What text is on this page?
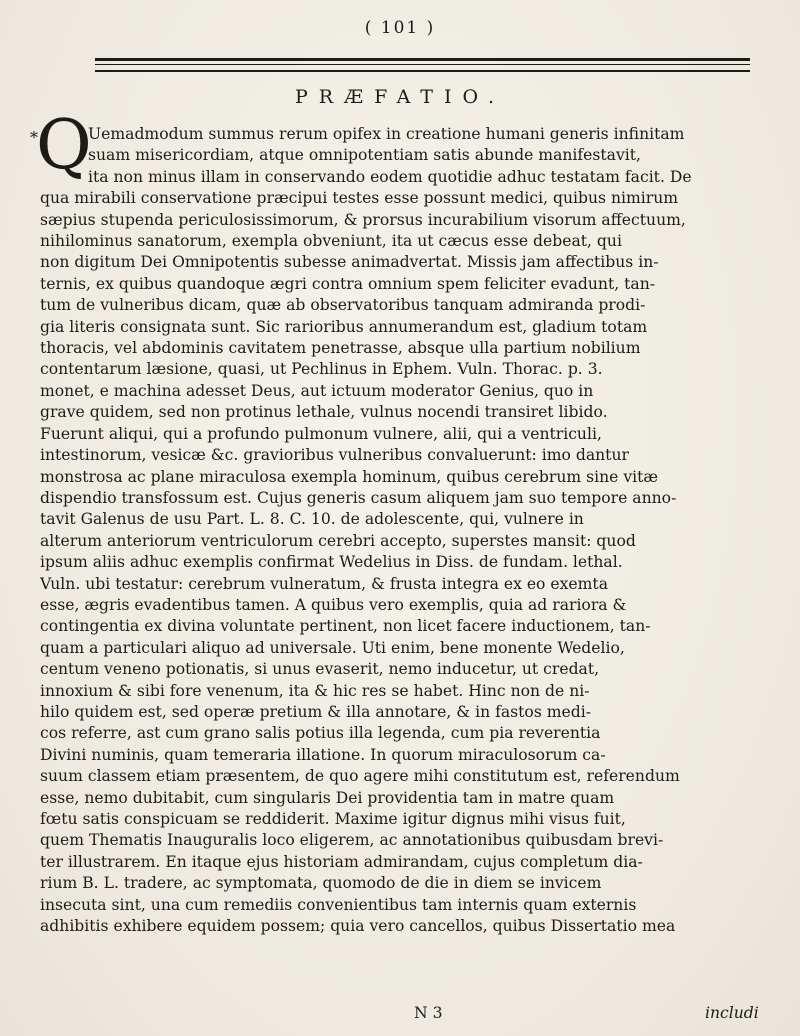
( 101 )
PRÆFATIO.
*
Q
Uemadmodum summus rerum opifex in creatione humani generis infinitam
suam misericordiam, atque omnipotentiam satis abunde manifestavit,
ita non minus illam in conservando eodem quotidie adhuc testatam facit. De
qua mirabili conservatione præcipui testes esse possunt medici, quibus nimirum
sæpius stupenda periculosissimorum, & prorsus incurabilium visorum affectuum,
nihilominus sanatorum, exempla obveniunt, ita ut cæcus esse debeat, qui
non digitum Dei Omnipotentis subesse animadvertat. Missis jam affectibus in-
ternis, ex quibus quandoque ægri contra omnium spem feliciter evadunt, tan-
tum de vulneribus dicam, quæ ab observatoribus tanquam admiranda prodi-
gia literis consignata sunt. Sic rarioribus annumerandum est, gladium totam
thoracis, vel abdominis cavitatem penetrasse, absque ulla partium nobilium
contentarum læsione, quasi, ut Pechlinus in Ephem. Vuln. Thorac. p. 3.
monet, e machina adesset Deus, aut ictuum moderator Genius, quo in
grave quidem, sed non protinus lethale, vulnus nocendi transiret libido.
Fuerunt aliqui, qui a profundo pulmonum vulnere, alii, qui a ventriculi,
intestinorum, vesicæ &c. gravioribus vulneribus convaluerunt: imo dantur
monstrosa ac plane miraculosa exempla hominum, quibus cerebrum sine vitæ
dispendio transfossum est. Cujus generis casum aliquem jam suo tempore anno-
tavit Galenus de usu Part. L. 8. C. 10. de adolescente, qui, vulnere in
alterum anteriorum ventriculorum cerebri accepto, superstes mansit: quod
ipsum aliis adhuc exemplis confirmat Wedelius in Diss. de fundam. lethal.
Vuln. ubi testatur: cerebrum vulneratum, & frusta integra ex eo exemta
esse, ægris evadentibus tamen. A quibus vero exemplis, quia ad rariora &
contingentia ex divina voluntate pertinent, non licet facere inductionem, tan-
quam a particulari aliquo ad universale. Uti enim, bene monente Wedelio,
centum veneno potionatis, si unus evaserit, nemo inducetur, ut credat,
innoxium & sibi fore venenum, ita & hic res se habet. Hinc non de ni-
hilo quidem est, sed operæ pretium & illa annotare, & in fastos medi-
cos referre, ast cum grano salis potius illa legenda, cum pia reverentia
Divini numinis, quam temeraria illatione. In quorum miraculosorum ca-
suum classem etiam præsentem, de quo agere mihi constitutum est, referendum
esse, nemo dubitabit, cum singularis Dei providentia tam in matre quam
fœtu satis conspicuam se reddiderit. Maxime igitur dignus mihi visus fuit,
quem Thematis Inauguralis loco eligerem, ac annotationibus quibusdam brevi-
ter illustrarem. En itaque ejus historiam admirandam, cujus completum dia-
rium B. L. tradere, ac symptomata, quomodo de die in diem se invicem
insecuta sint, una cum remediis convenientibus tam internis quam externis
adhibitis exhibere equidem possem; quia vero cancellos, quibus Dissertatio mea
N 3	includi
